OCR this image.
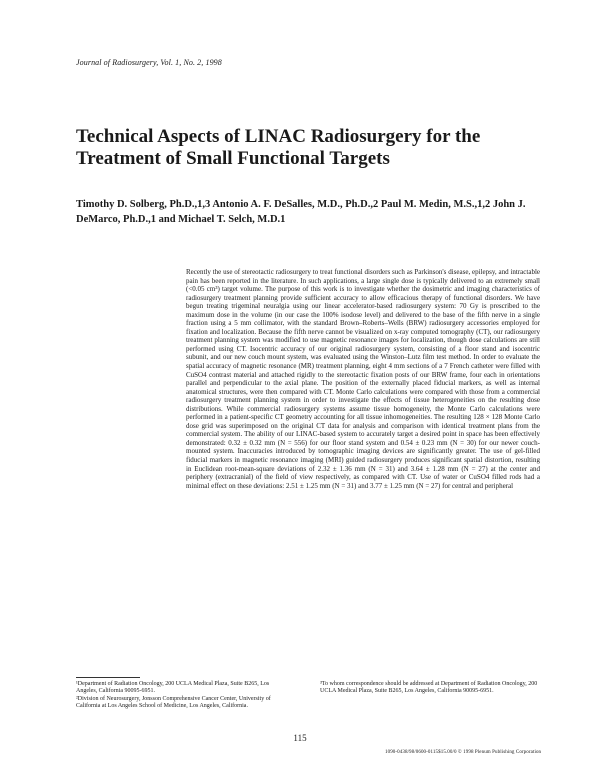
Journal of Radiosurgery, Vol. 1, No. 2, 1998
Technical Aspects of LINAC Radiosurgery for the Treatment of Small Functional Targets
Timothy D. Solberg, Ph.D.,1,3 Antonio A. F. DeSalles, M.D., Ph.D.,2 Paul M. Medin, M.S.,1,2 John J. DeMarco, Ph.D.,1 and Michael T. Selch, M.D.1

Recently the use of stereotactic radiosurgery to treat functional disorders such as Parkinson's disease, epilepsy, and intractable pain has been reported in the literature. In such applications, a large single dose is typically delivered to an extremely small (<0.05 cm³) target volume. The purpose of this work is to investigate whether the dosimetric and imaging characteristics of radiosurgery treatment planning provide sufficient accuracy to allow efficacious therapy of functional disorders. We have begun treating trigeminal neuralgia using our linear accelerator-based radiosurgery system: 70 Gy is prescribed to the maximum dose in the volume (in our case the 100% isodose level) and delivered to the base of the fifth nerve in a single fraction using a 5 mm collimator, with the standard Brown–Roberts–Wells (BRW) radiosurgery accessories employed for fixation and localization. Because the fifth nerve cannot be visualized on x-ray computed tomography (CT), our radiosurgery treatment planning system was modified to use magnetic resonance images for localization, though dose calculations are still performed using CT. Isocentric accuracy of our original radiosurgery system, consisting of a floor stand and isocentric subunit, and our new couch mount system, was evaluated using the Winston–Lutz film test method. In order to evaluate the spatial accuracy of magnetic resonance (MR) treatment planning, eight 4 mm sections of a 7 French catheter were filled with CuSO4 contrast material and attached rigidly to the stereotactic fixation posts of our BRW frame, four each in orientations parallel and perpendicular to the axial plane. The position of the externally placed fiducial markers, as well as internal anatomical structures, were then compared with CT. Monte Carlo calculations were compared with those from a commercial radiosurgery treatment planning system in order to investigate the effects of tissue heterogeneities on the resulting dose distributions. While commercial radiosurgery systems assume tissue homogeneity, the Monte Carlo calculations were performed in a patient-specific CT geometry accounting for all tissue inhomogeneities. The resulting 128 × 128 Monte Carlo dose grid was superimposed on the original CT data for analysis and comparison with identical treatment plans from the commercial system. The ability of our LINAC-based system to accurately target a desired point in space has been effectively demonstrated: 0.32 ± 0.32 mm (N = 556) for our floor stand system and 0.54 ± 0.23 mm (N = 30) for our newer couch-mounted system. Inaccuracies introduced by tomographic imaging devices are significantly greater. The use of gel-filled fiducial markers in magnetic resonance imaging (MRI) guided radiosurgery produces significant spatial distortion, resulting in Euclidean root-mean-square deviations of 2.32 ± 1.36 mm (N = 31) and 3.64 ± 1.28 mm (N = 27) at the center and periphery (extracranial) of the field of view respectively, as compared with CT. Use of water or CuSO4 filled rods had a minimal effect on these deviations: 2.51 ± 1.25 mm (N = 31) and 3.77 ± 1.25 mm (N = 27) for central and peripheral

¹Department of Radiation Oncology, 200 UCLA Medical Plaza, Suite B265, Los Angeles, California 90095-6951.
²Division of Neurosurgery, Jonsson Comprehensive Cancer Center, University of California at Los Angeles School of Medicine, Los Angeles, California.
³To whom correspondence should be addressed at Department of Radiation Oncology, 200 UCLA Medical Plaza, Suite B265, Los Angeles, California 90095-6951.
115
1090-0438/98/0600-0115$15.00/0 © 1998 Plenum Publishing Corporation
